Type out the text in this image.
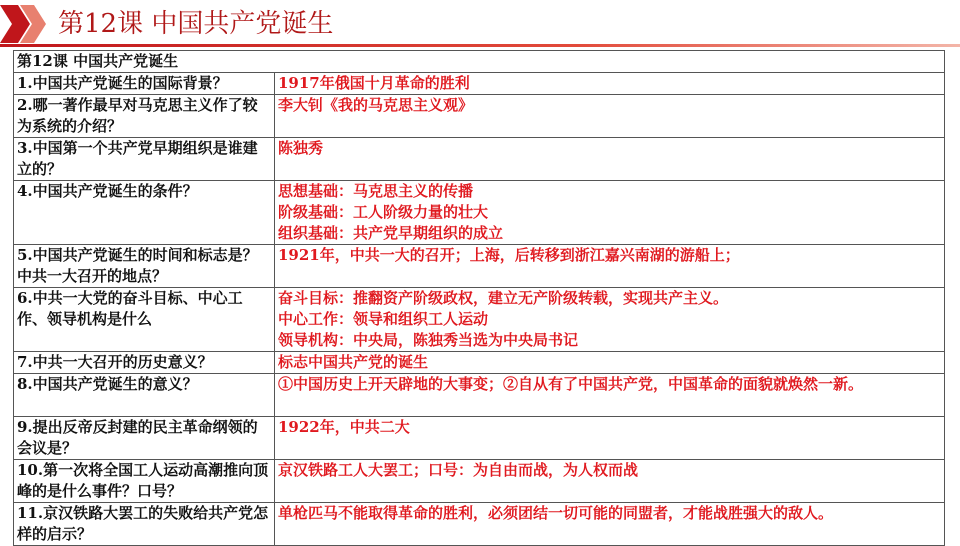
第12课 中国共产党诞生
第12课 中国共产党诞生	
1.中国共产党诞生的国际背景？	1917年俄国十月革命的胜利

2.哪一著作最早对马克思主义作了较为系统的介绍？	李大钊《我的马克思主义观》

3.中国第一个共产党早期组织是谁建立的？	陈独秀

4.中国共产党诞生的条件？	思想基础：马克思主义的传播
阶级基础：工人阶级力量的壮大
组织基础：共产党早期组织的成立

5.中国共产党诞生的时间和标志是？中共一大召开的地点？	1921年，中共一大的召开；上海，后转移到浙江嘉兴南湖的游船上；

6.中共一大党的奋斗目标、中心工作、领导机构是什么	奋斗目标：推翻资产阶级政权，建立无产阶级转载，实现共产主义。
中心工作：领导和组织工人运动
领导机构：中央局，陈独秀当选为中央局书记

7.中共一大召开的历史意义？	标志中国共产党的诞生

8.中国共产党诞生的意义？	①中国历史上开天辟地的大事变；②自从有了中国共产党，中国革命的面貌就焕然一新。

9.提出反帝反封建的民主革命纲领的会议是？	1922年，中共二大

10.第一次将全国工人运动高潮推向顶峰的是什么事件？口号？	京汉铁路工人大罢工；口号：为自由而战，为人权而战

11.京汉铁路大罢工的失败给共产党怎样的启示？	单枪匹马不能取得革命的胜利，必须团结一切可能的同盟者，才能战胜强大的敌人。
